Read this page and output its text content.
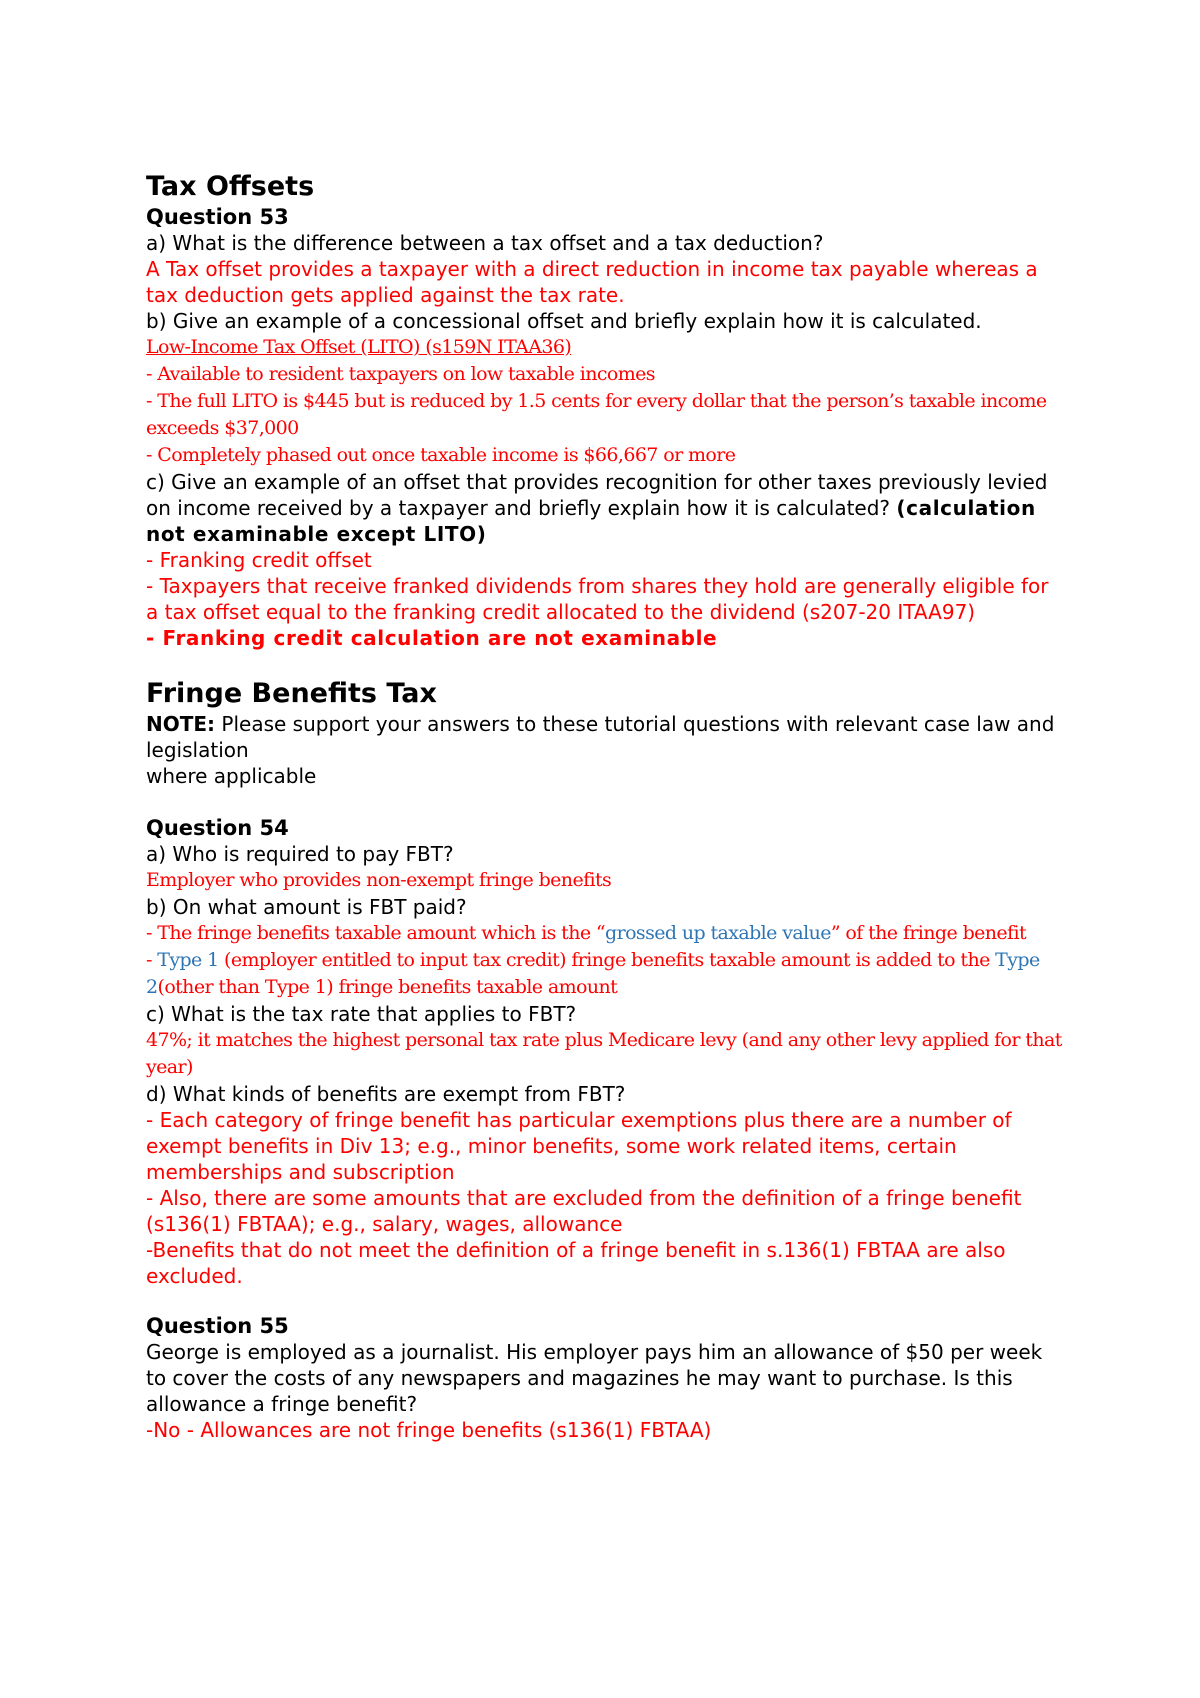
Tax Offsets
Question 53

a) What is the difference between a tax offset and a tax deduction?

A Tax offset provides a taxpayer with a direct reduction in income tax payable whereas a tax deduction gets applied against the tax rate.

b) Give an example of a concessional offset and briefly explain how it is calculated.

Low-Income Tax Offset (LITO) (s159N ITAA36)

- Available to resident taxpayers on low taxable incomes

- The full LITO is $445 but is reduced by 1.5 cents for every dollar that the person’s taxable income exceeds $37,000

- Completely phased out once taxable income is $66,667 or more

c) Give an example of an offset that provides recognition for other taxes previously levied on income received by a taxpayer and briefly explain how it is calculated? (calculation not examinable except LITO)

- Franking credit offset

- Taxpayers that receive franked dividends from shares they hold are generally eligible for a tax offset equal to the franking credit allocated to the dividend (s207-20 ITAA97)

- Franking credit calculation are not examinable

Fringe Benefits Tax

NOTE: Please support your answers to these tutorial questions with relevant case law and legislation

where applicable

Question 54

a) Who is required to pay FBT?

Employer who provides non-exempt fringe benefits

b) On what amount is FBT paid?

- The fringe benefits taxable amount which is the “grossed up taxable value” of the fringe benefit

- Type 1 (employer entitled to input tax credit) fringe benefits taxable amount is added to the Type 2(other than Type 1) fringe benefits taxable amount

c) What is the tax rate that applies to FBT?

47%; it matches the highest personal tax rate plus Medicare levy (and any other levy applied for that year)

d) What kinds of benefits are exempt from FBT?

- Each category of fringe benefit has particular exemptions plus there are a number of exempt benefits in Div 13; e.g., minor benefits, some work related items, certain memberships and subscription

- Also, there are some amounts that are excluded from the definition of a fringe benefit (s136(1) FBTAA); e.g., salary, wages, allowance

-Benefits that do not meet the definition of a fringe benefit in s.136(1) FBTAA are also excluded.

Question 55

George is employed as a journalist. His employer pays him an allowance of $50 per week to cover the costs of any newspapers and magazines he may want to purchase. Is this allowance a fringe benefit?

-No - Allowances are not fringe benefits (s136(1) FBTAA)
